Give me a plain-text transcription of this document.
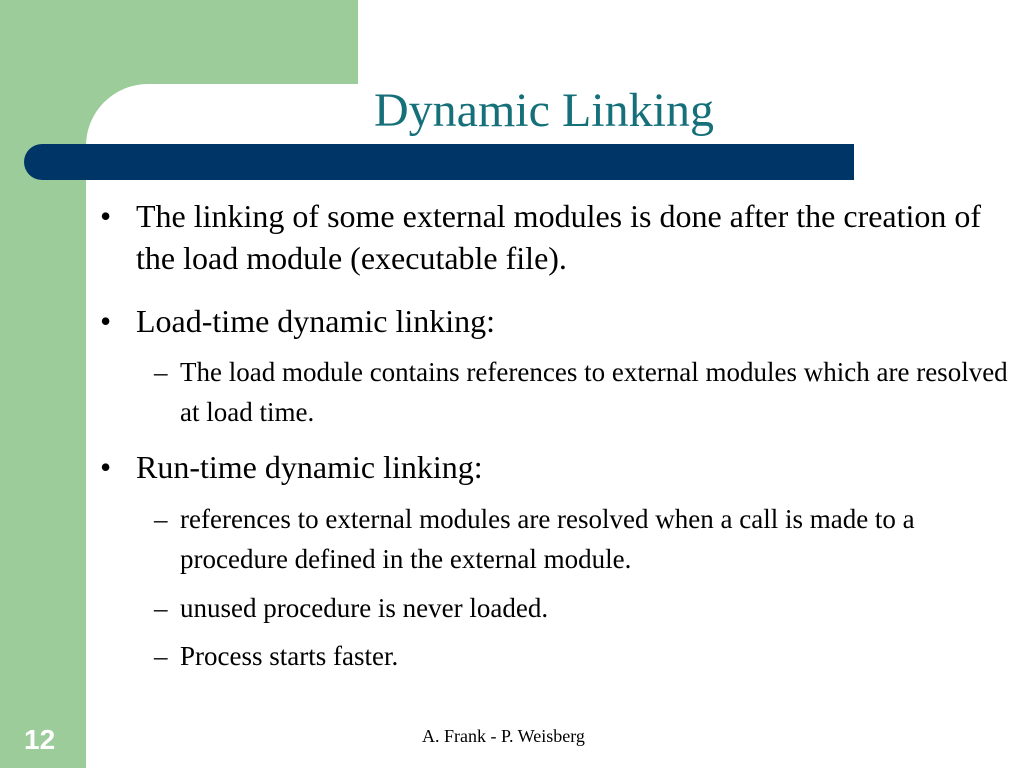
Dynamic Linking
• The linking of some external modules is done after the creation of the load module (executable file).
• Load-time dynamic linking:
– The load module contains references to external modules which are resolved at load time.
• Run-time dynamic linking:
– references to external modules are resolved when a call is made to a procedure defined in the external module.
– unused procedure is never loaded.
– Process starts faster.
12	A. Frank - P. Weisberg
